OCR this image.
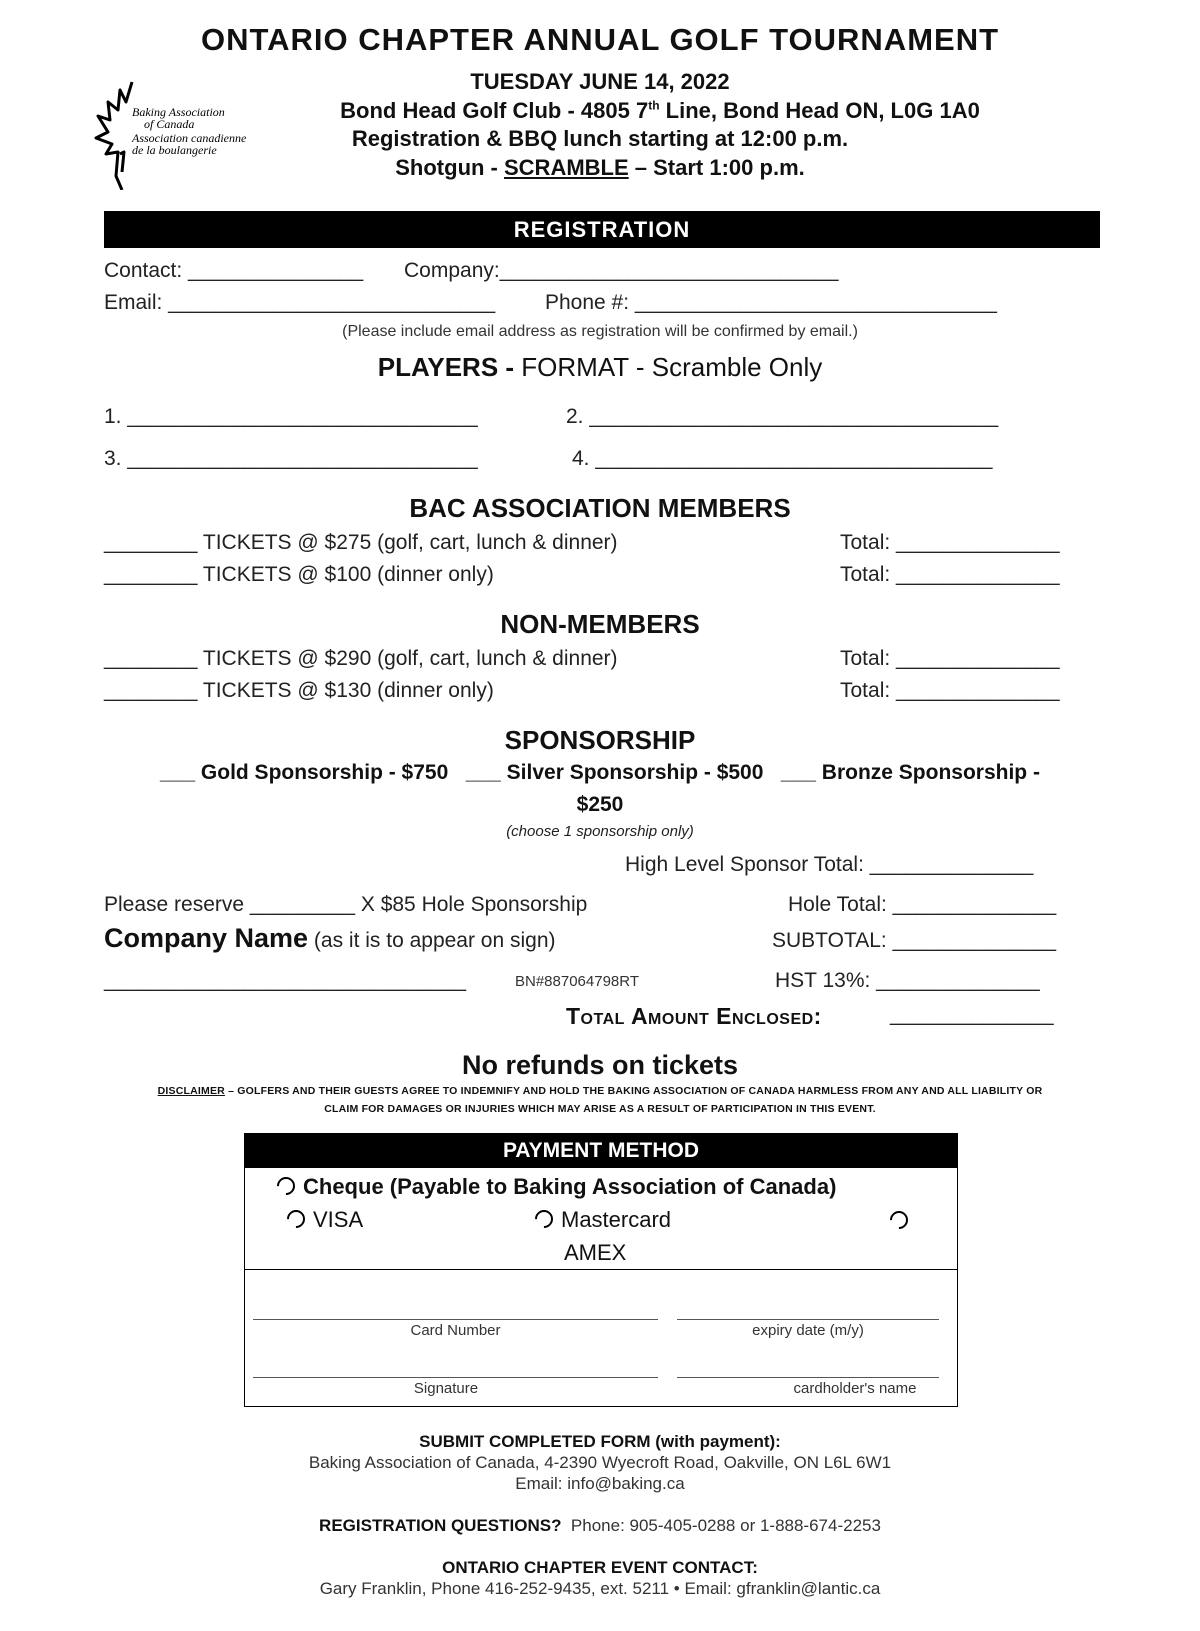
ONTARIO CHAPTER ANNUAL GOLF TOURNAMENT
Baking Association
of Canada
Association canadienne
de la boulangerie
TUESDAY JUNE 14, 2022
Bond Head Golf Club - 4805 7th Line, Bond Head ON, L0G 1A0
Registration & BBQ lunch starting at 12:00 p.m.
Shotgun - SCRAMBLE – Start 1:00 p.m.
REGISTRATION
Contact: _______________ Company:_____________________________
Email: ____________________________ Phone #: _______________________________
(Please include email address as registration will be confirmed by email.)
PLAYERS - FORMAT - Scramble Only
1. ______________________________	2. ___________________________________
3. ______________________________	4. __________________________________
BAC ASSOCIATION MEMBERS
________ TICKETS @ $275 (golf, cart, lunch & dinner)	Total: ______________
________ TICKETS @ $100 (dinner only)	Total: ______________
NON-MEMBERS
________ TICKETS @ $290 (golf, cart, lunch & dinner)	Total: ______________
________ TICKETS @ $130 (dinner only)	Total: ______________
SPONSORSHIP
___ Gold Sponsorship - $750   ___ Silver Sponsorship - $500   ___ Bronze Sponsorship -
$250
(choose 1 sponsorship only)
High Level Sponsor Total: ______________
Please reserve _________ X $85 Hole Sponsorship	Hole Total: ______________
Company Name (as it is to appear on sign)	SUBTOTAL: ______________
_______________________________	BN#887064798RT	HST 13%: ______________
Total Amount Enclosed:	______________
No refunds on tickets
DISCLAIMER – GOLFERS AND THEIR GUESTS AGREE TO INDEMNIFY AND HOLD THE BAKING ASSOCIATION OF CANADA HARMLESS FROM ANY AND ALL LIABILITY OR
CLAIM FOR DAMAGES OR INJURIES WHICH MAY ARISE AS A RESULT OF PARTICIPATION IN THIS EVENT.
PAYMENT METHOD
Cheque (Payable to Baking Association of Canada)
VISA	Mastercard
AMEX
Card Number	expiry date (m/y)
Signature	cardholder's name
SUBMIT COMPLETED FORM (with payment):
Baking Association of Canada, 4-2390 Wyecroft Road, Oakville, ON L6L 6W1
Email: info@baking.ca
REGISTRATION QUESTIONS?  Phone: 905-405-0288 or 1-888-674-2253
ONTARIO CHAPTER EVENT CONTACT:
Gary Franklin, Phone 416-252-9435, ext. 5211 • Email: gfranklin@lantic.ca
